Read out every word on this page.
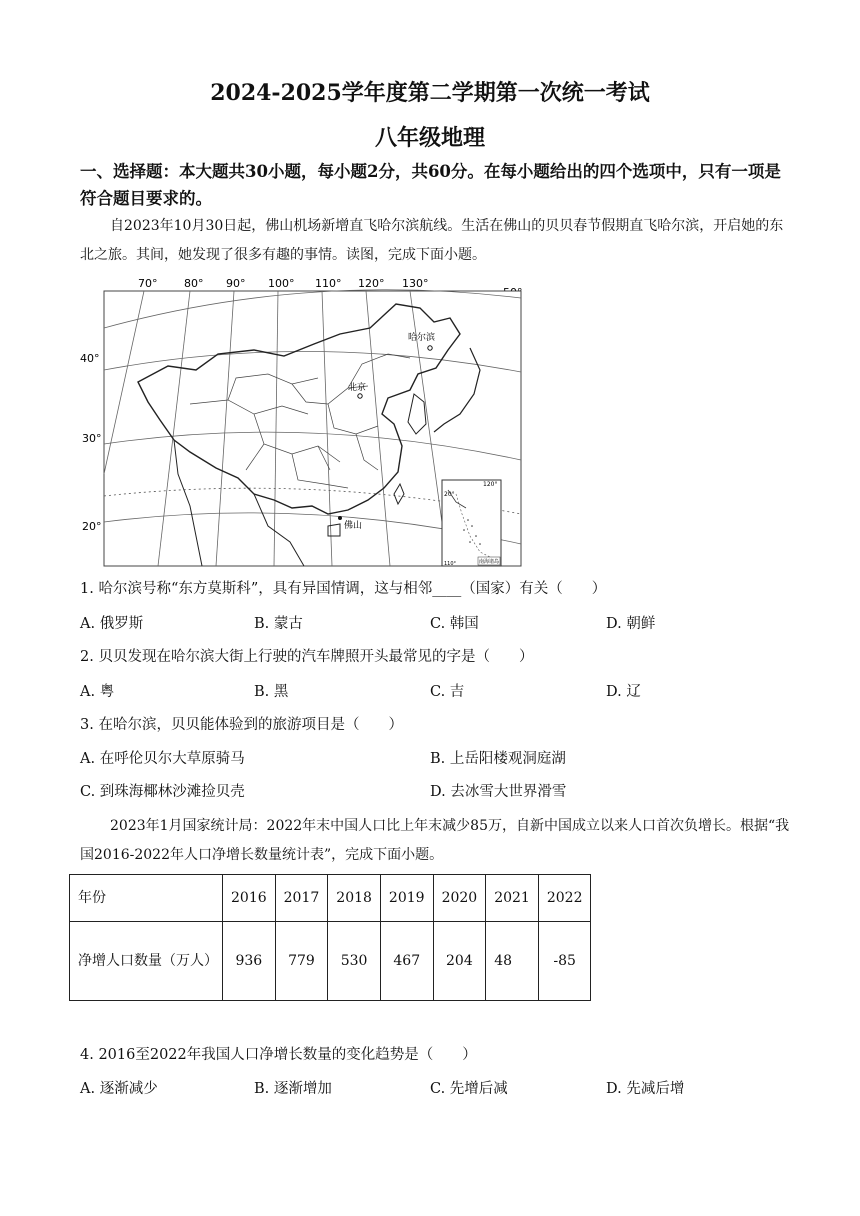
2024-2025学年度第二学期第一次统一考试
八年级地理
一、选择题：本大题共30小题，每小题2分，共60分。在每小题给出的四个选项中，只有一项是符合题目要求的。
自2023年10月30日起，佛山机场新增直飞哈尔滨航线。生活在佛山的贝贝春节假期直飞哈尔滨，开启她的东北之旅。其间，她发现了很多有趣的事情。读图，完成下面小题。
70° 80° 90° 100° 110° 120° 130°
40°
30°
20°
哈尔滨
北京
佛山
120°
20°
110°	南海诸岛
1. 哈尔滨号称“东方莫斯科”，具有异国情调，这与相邻____（国家）有关（　　）
A. 俄罗斯	B. 蒙古	C. 韩国	D. 朝鲜
2. 贝贝发现在哈尔滨大街上行驶的汽车牌照开头最常见的字是（　　）
A. 粤	B. 黑	C. 吉	D. 辽
3. 在哈尔滨，贝贝能体验到的旅游项目是（　　）
A. 在呼伦贝尔大草原骑马	B. 上岳阳楼观洞庭湖
C. 到珠海椰林沙滩捡贝壳	D. 去冰雪大世界滑雪
2023年1月国家统计局：2022年末中国人口比上年末减少85万，自新中国成立以来人口首次负增长。根据“我国2016-2022年人口净增长数量统计表”，完成下面小题。
年份	2016	2017	2018	2019	2020	2021	2022
净增人口数量（万人）	936	779	530	467	204	48	-85
4. 2016至2022年我国人口净增长数量的变化趋势是（　　）
A. 逐渐减少	B. 逐渐增加	C. 先增后减	D. 先减后增
